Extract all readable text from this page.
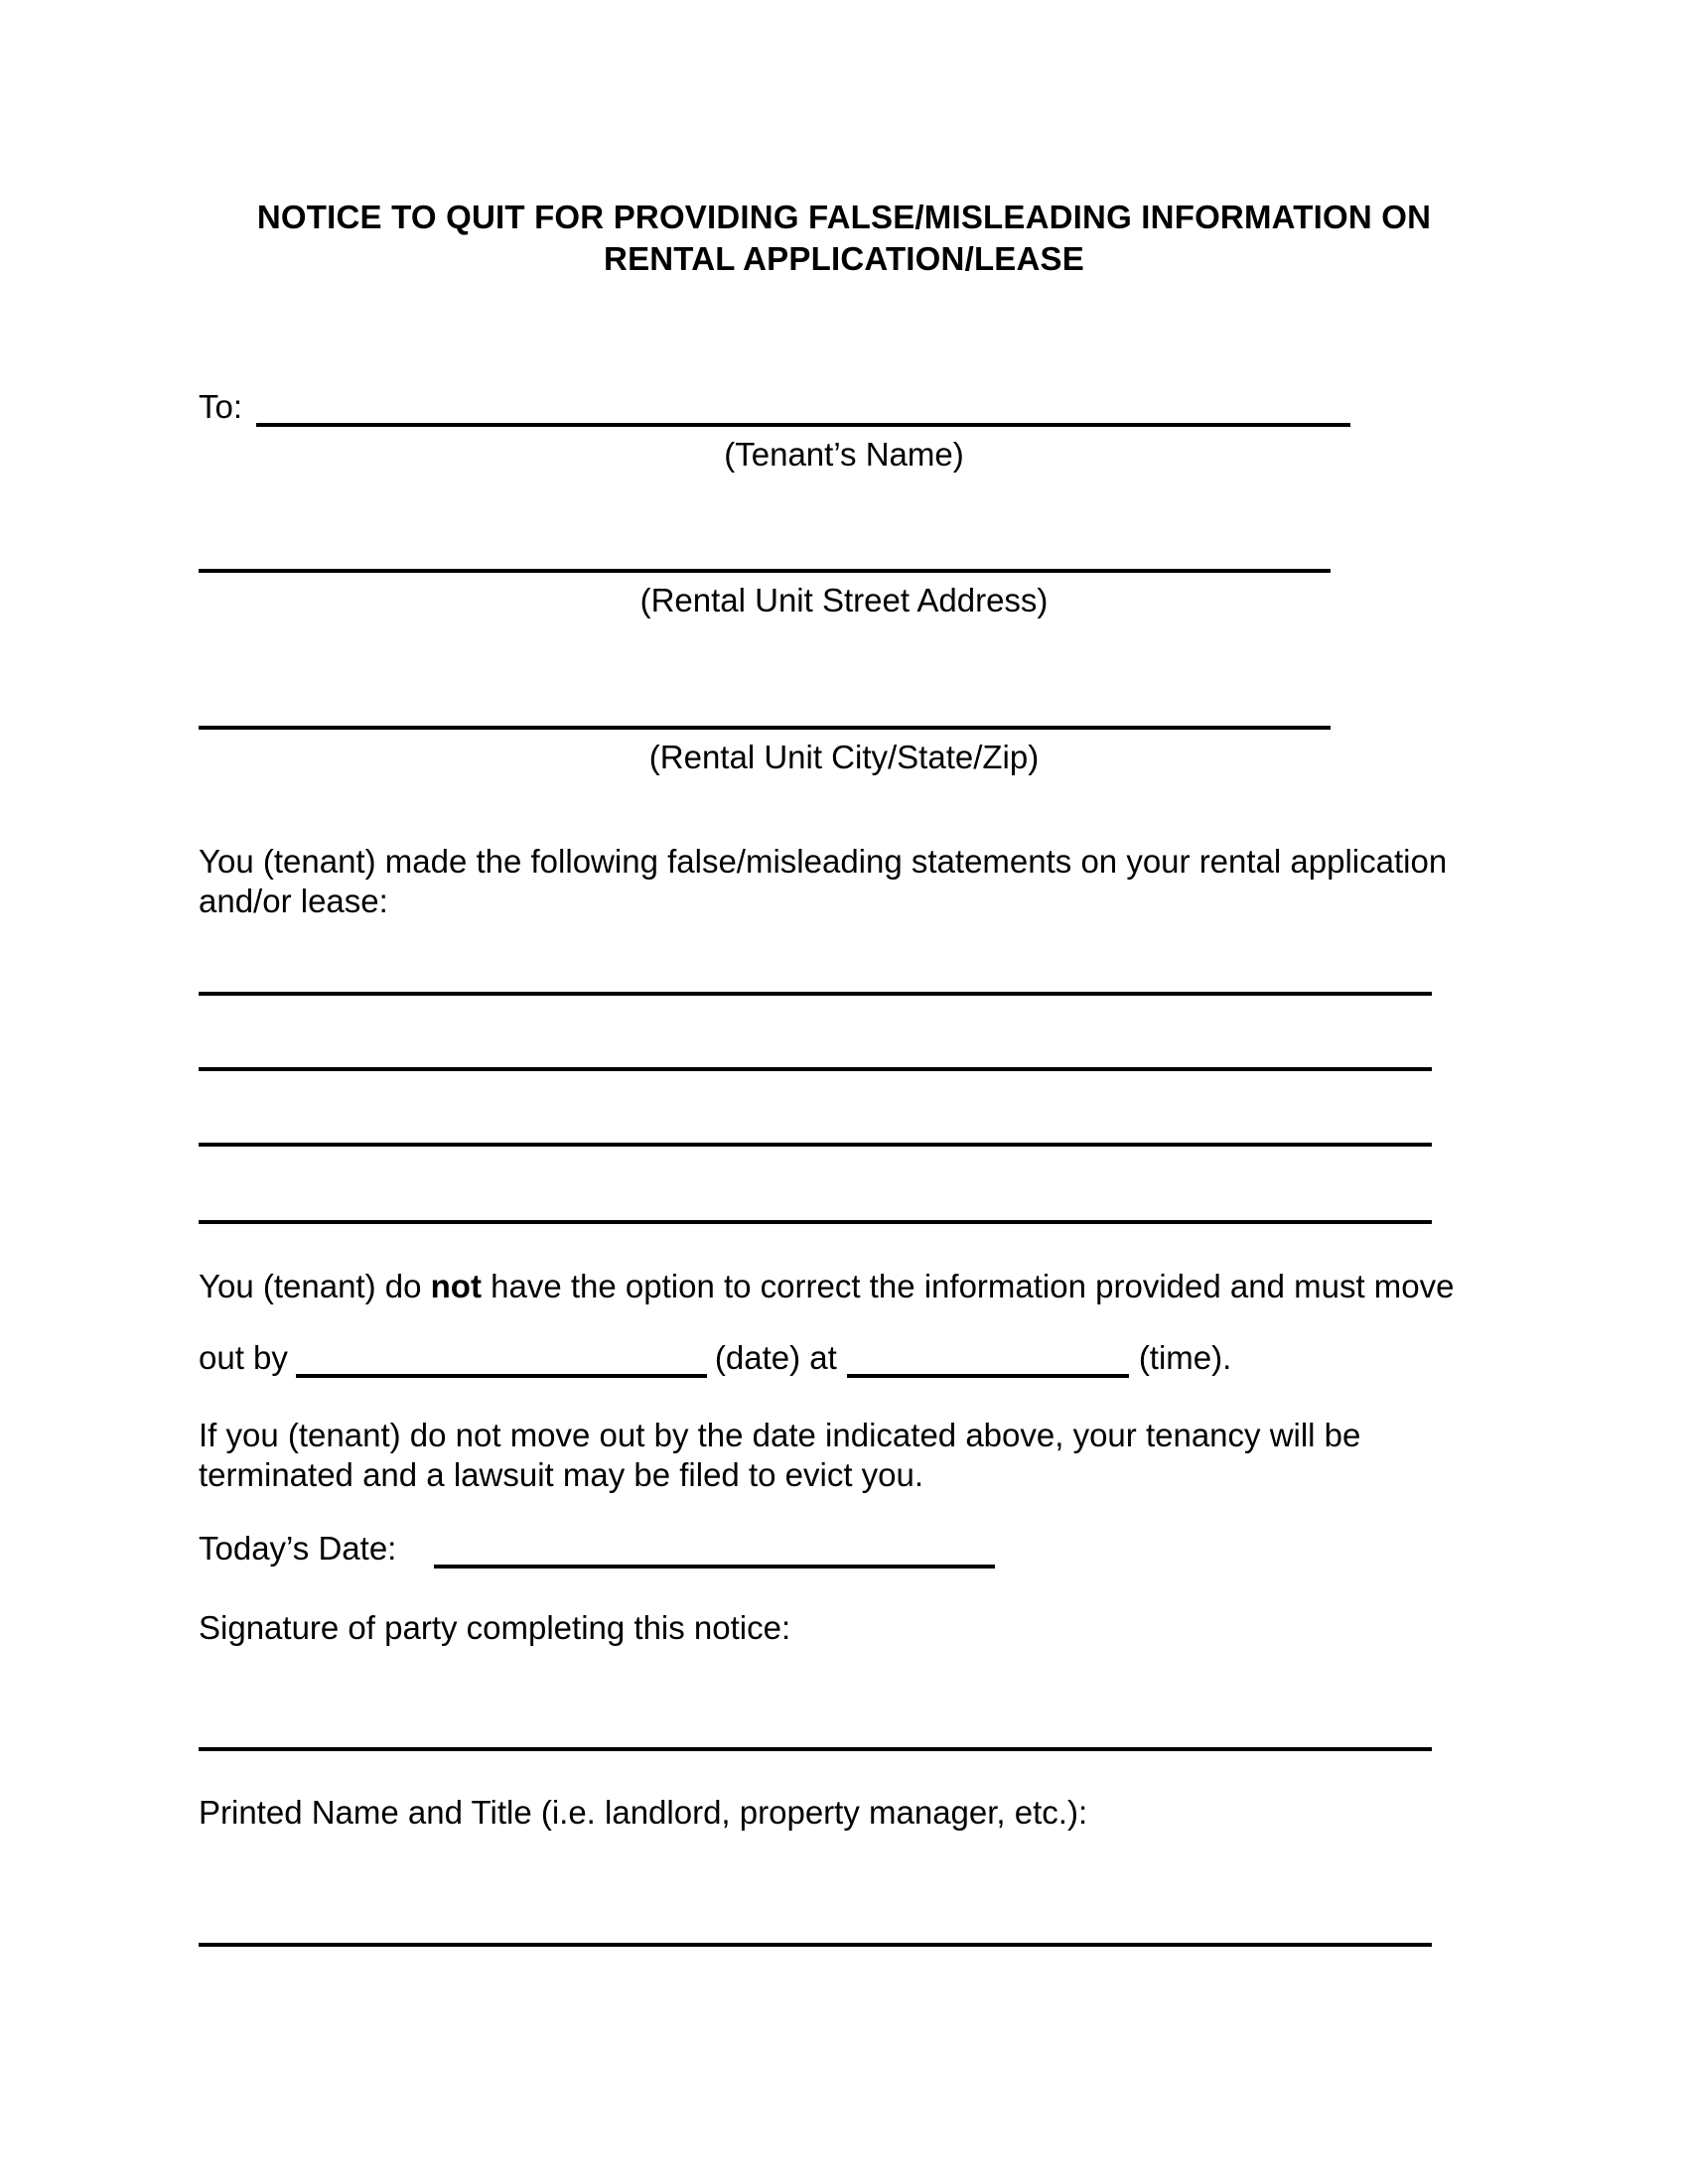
NOTICE TO QUIT FOR PROVIDING FALSE/MISLEADING INFORMATION ON
RENTAL APPLICATION/LEASE
To:
(Tenant’s Name)
(Rental Unit Street Address)
(Rental Unit City/State/Zip)
You (tenant) made the following false/misleading statements on your rental application
and/or lease:
You (tenant) do not have the option to correct the information provided and must move
out by	(date) at	(time).
If you (tenant) do not move out by the date indicated above, your tenancy will be
terminated and a lawsuit may be filed to evict you.
Today’s Date:
Signature of party completing this notice:
Printed Name and Title (i.e. landlord, property manager, etc.):
